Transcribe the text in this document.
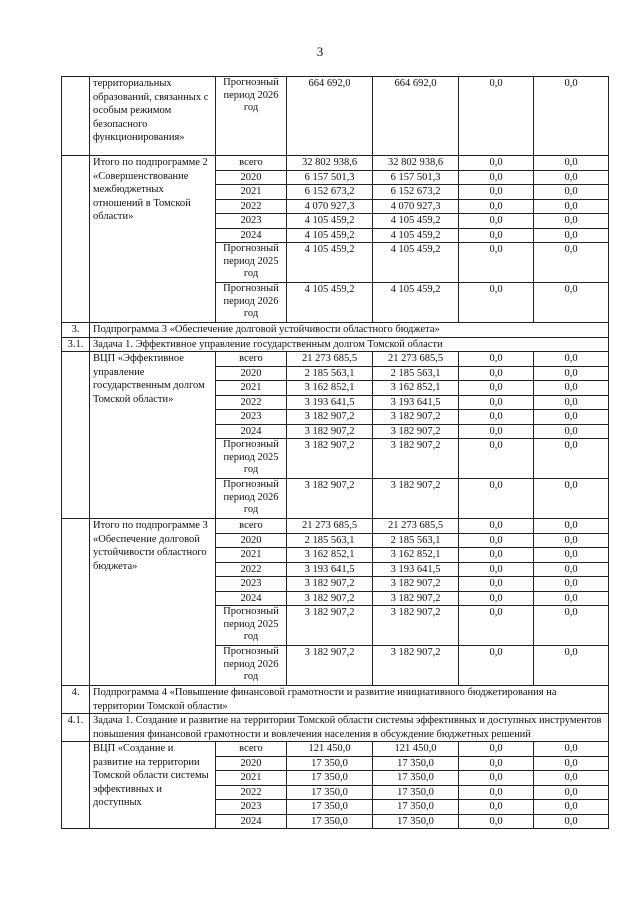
3
	территориальных образований, связанных с особым режимом безопасного функционирования»	Прогнозный период 2026 год	664 692,0	664 692,0	0,0	0,0
	Итого по подпрограмме 2 «Совершенствование межбюджетных отношений в Томской области»	всего	32 802 938,6	32 802 938,6	0,0	0,0
		2020	6 157 501,3	6 157 501,3	0,0	0,0
		2021	6 152 673,2	6 152 673,2	0,0	0,0
		2022	4 070 927,3	4 070 927,3	0,0	0,0
		2023	4 105 459,2	4 105 459,2	0,0	0,0
		2024	4 105 459,2	4 105 459,2	0,0	0,0
		Прогнозный период 2025 год	4 105 459,2	4 105 459,2	0,0	0,0
		Прогнозный период 2026 год	4 105 459,2	4 105 459,2	0,0	0,0
3.	Подпрограмма 3 «Обеспечение долговой устойчивости областного бюджета»					
3.1.	Задача 1. Эффективное управление государственным долгом Томской области					
	ВЦП «Эффективное управление государственным долгом Томской области»	всего	21 273 685,5	21 273 685,5	0,0	0,0
		2020	2 185 563,1	2 185 563,1	0,0	0,0
		2021	3 162 852,1	3 162 852,1	0,0	0,0
		2022	3 193 641,5	3 193 641,5	0,0	0,0
		2023	3 182 907,2	3 182 907,2	0,0	0,0
		2024	3 182 907,2	3 182 907,2	0,0	0,0
		Прогнозный период 2025 год	3 182 907,2	3 182 907,2	0,0	0,0
		Прогнозный период 2026 год	3 182 907,2	3 182 907,2	0,0	0,0
	Итого по подпрограмме 3 «Обеспечение долговой устойчивости областного бюджета»	всего	21 273 685,5	21 273 685,5	0,0	0,0
		2020	2 185 563,1	2 185 563,1	0,0	0,0
		2021	3 162 852,1	3 162 852,1	0,0	0,0
		2022	3 193 641,5	3 193 641,5	0,0	0,0
		2023	3 182 907,2	3 182 907,2	0,0	0,0
		2024	3 182 907,2	3 182 907,2	0,0	0,0
		Прогнозный период 2025 год	3 182 907,2	3 182 907,2	0,0	0,0
		Прогнозный период 2026 год	3 182 907,2	3 182 907,2	0,0	0,0
4.	Подпрограмма 4 «Повышение финансовой грамотности и развитие инициативного бюджетирования на территории Томской области»					
4.1.	Задача 1. Создание и развитие на территории Томской области системы эффективных и доступных инструментов повышения финансовой грамотности и вовлечения населения в обсуждение бюджетных решений					
	ВЦП «Создание и развитие на территории Томской области системы эффективных и доступных	всего	121 450,0	121 450,0	0,0	0,0
		2020	17 350,0	17 350,0	0,0	0,0
		2021	17 350,0	17 350,0	0,0	0,0
		2022	17 350,0	17 350,0	0,0	0,0
		2023	17 350,0	17 350,0	0,0	0,0
		2024	17 350,0	17 350,0	0,0	0,0
